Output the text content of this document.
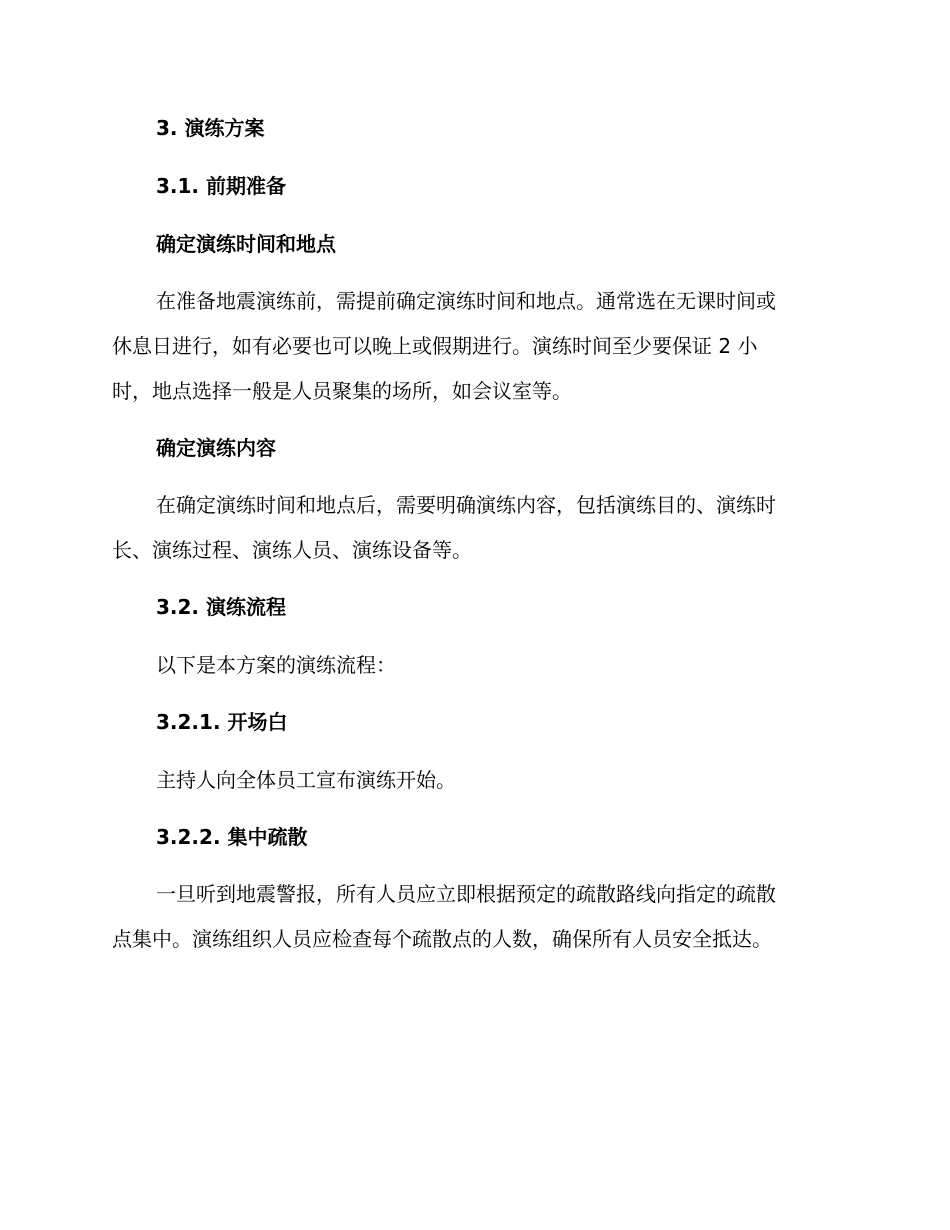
3. 演练方案
3.1. 前期准备
确定演练时间和地点

在准备地震演练前，需提前确定演练时间和地点。通常选在无课时间或

休息日进行，如有必要也可以晚上或假期进行。演练时间至少要保证 2 小

时，地点选择一般是人员聚集的场所，如会议室等。

确定演练内容

在确定演练时间和地点后，需要明确演练内容，包括演练目的、演练时

长、演练过程、演练人员、演练设备等。

3.2. 演练流程

以下是本方案的演练流程：

3.2.1. 开场白

主持人向全体员工宣布演练开始。

3.2.2. 集中疏散

一旦听到地震警报，所有人员应立即根据预定的疏散路线向指定的疏散

点集中。演练组织人员应检查每个疏散点的人数，确保所有人员安全抵达。
